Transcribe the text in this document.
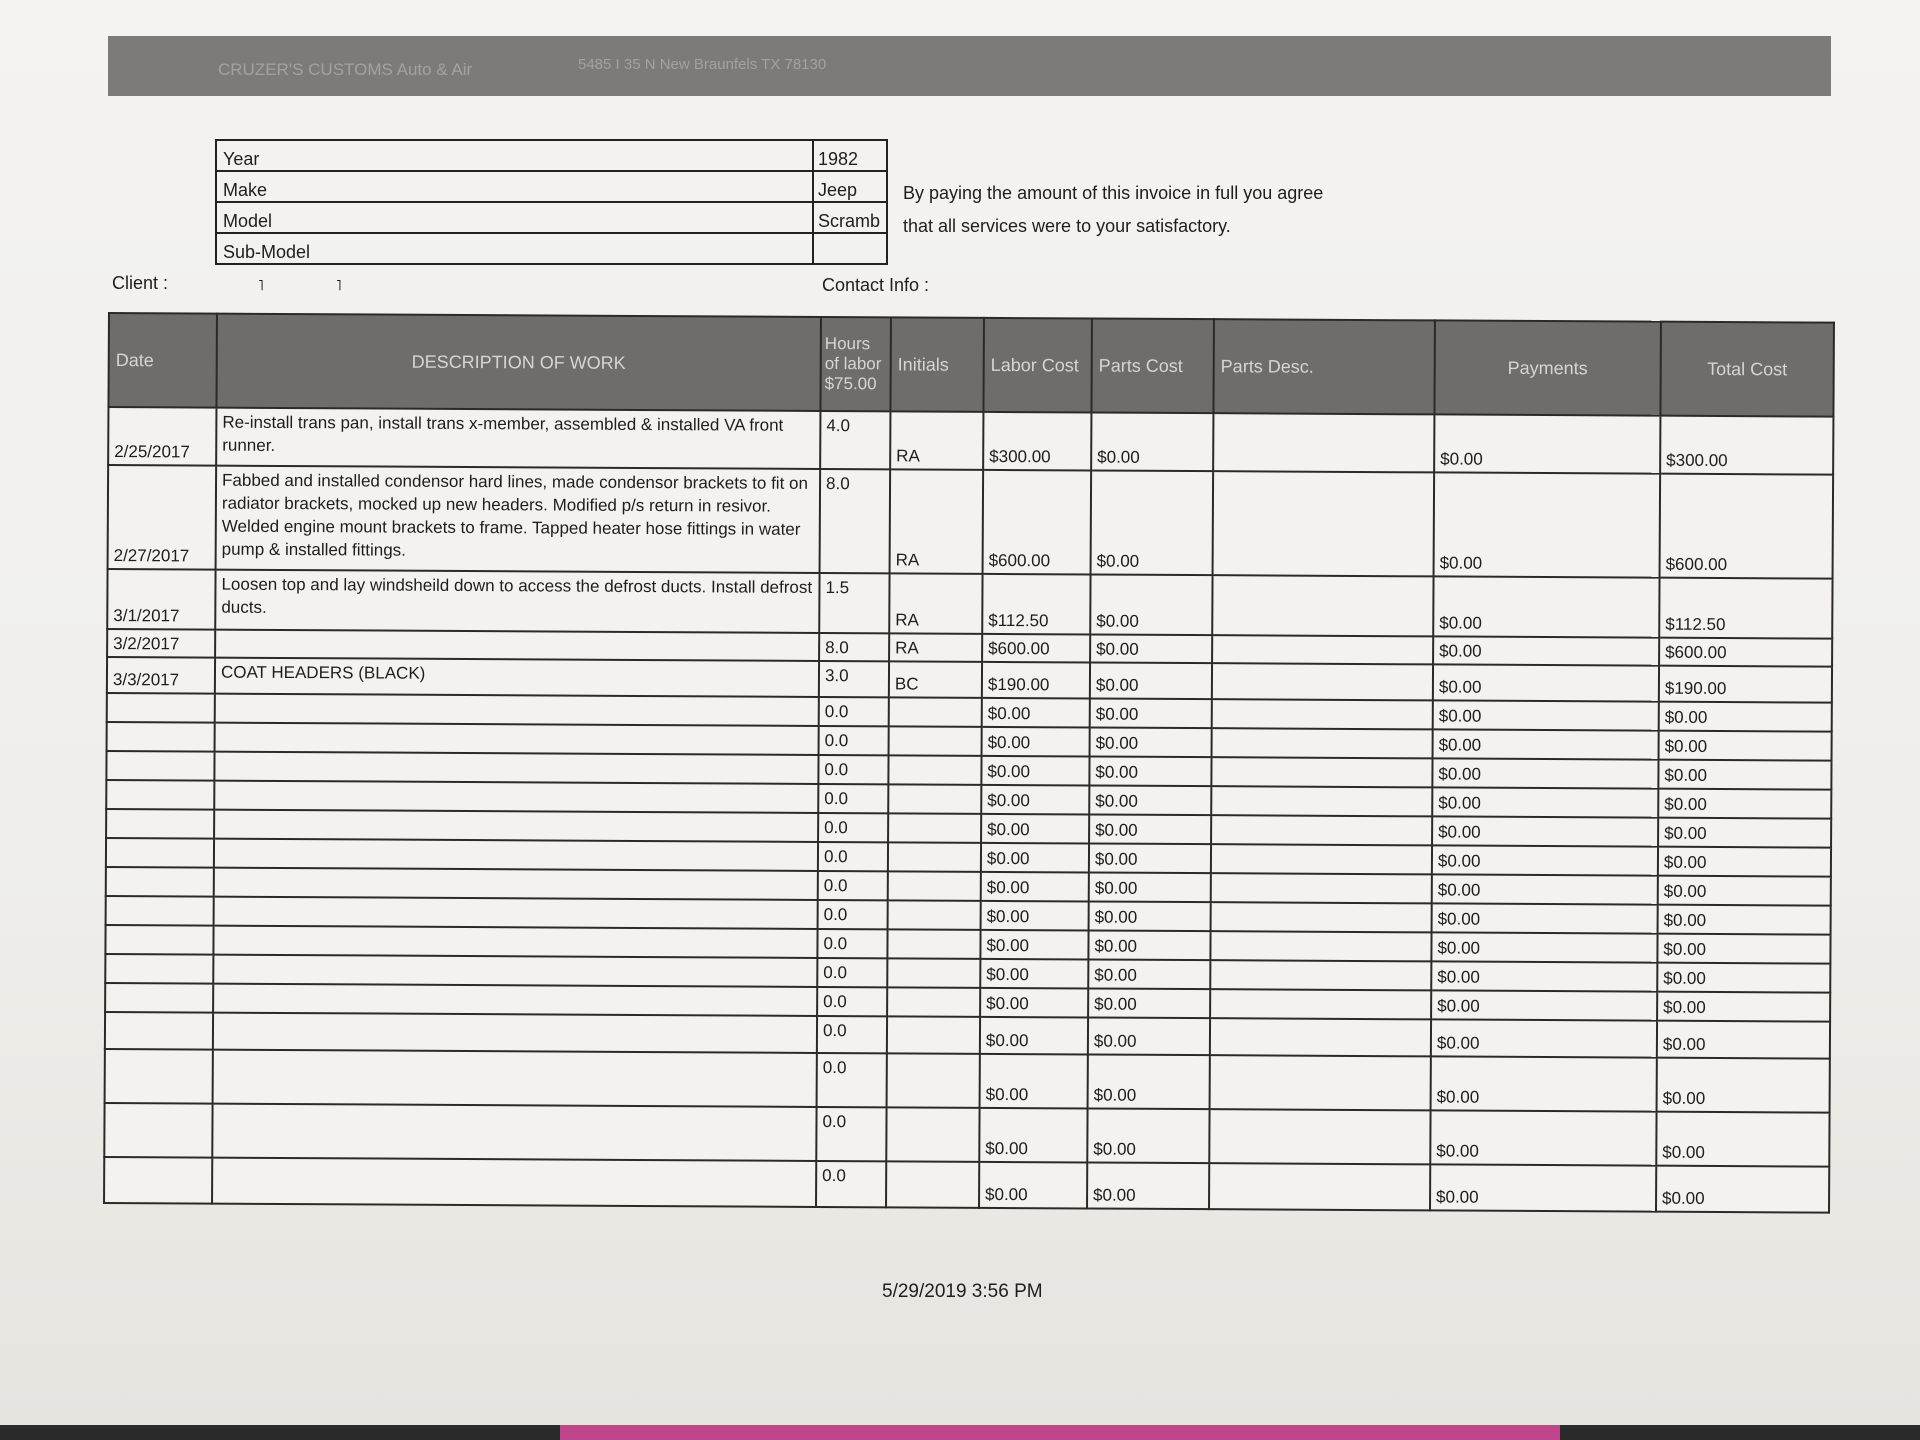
CRUZER'S CUSTOMS Auto & Air	5485 I 35 N New Braunfels TX 78130
Year	1982
Make	Jeep
Model	Scramb
Sub-Model	
By paying the amount of this invoice in full you agree
that all services were to your satisfactory.
Client :	˥ ˥	Contact Info :
Date	DESCRIPTION OF WORK	Hours
of labor
$75.00	Initials	Labor Cost	Parts Cost	Parts Desc.	Payments	Total Cost
2/25/2017	Re-install trans pan, install trans x-member, assembled & installed VA front runner.	4.0	RA	$300.00	$0.00		$0.00	$300.00
2/27/2017	Fabbed and installed condensor hard lines, made condensor brackets to fit on radiator brackets, mocked up new headers. Modified p/s return in resivor. Welded engine mount brackets to frame. Tapped heater hose fittings in water pump & installed fittings.	8.0	RA	$600.00	$0.00		$0.00	$600.00
3/1/2017	Loosen top and lay windsheild down to access the defrost ducts. Install defrost ducts.	1.5	RA	$112.50	$0.00		$0.00	$112.50
3/2/2017		8.0	RA	$600.00	$0.00		$0.00	$600.00
3/3/2017	COAT HEADERS (BLACK)	3.0	BC	$190.00	$0.00		$0.00	$190.00
		0.0		$0.00	$0.00		$0.00	$0.00
		0.0		$0.00	$0.00		$0.00	$0.00
		0.0		$0.00	$0.00		$0.00	$0.00
		0.0		$0.00	$0.00		$0.00	$0.00
		0.0		$0.00	$0.00		$0.00	$0.00
		0.0		$0.00	$0.00		$0.00	$0.00
		0.0		$0.00	$0.00		$0.00	$0.00
		0.0		$0.00	$0.00		$0.00	$0.00
		0.0		$0.00	$0.00		$0.00	$0.00
		0.0		$0.00	$0.00		$0.00	$0.00
		0.0		$0.00	$0.00		$0.00	$0.00
		0.0		$0.00	$0.00		$0.00	$0.00
		0.0		$0.00	$0.00		$0.00	$0.00
		0.0		$0.00	$0.00		$0.00	$0.00
		0.0		$0.00	$0.00		$0.00	$0.00
5/29/2019 3:56 PM
